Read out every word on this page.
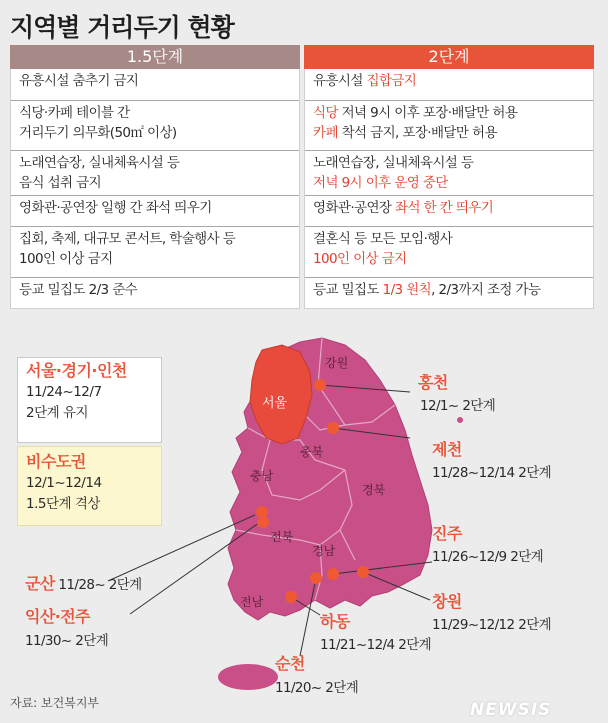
지역별 거리두기 현황
1.5단계
유흥시설 춤추기 금지
식당·카페 테이블 간
거리두기 의무화(50㎡ 이상)
노래연습장, 실내체육시설 등
음식 섭취 금지
영화관·공연장 일행 간 좌석 띄우기
집회, 축제, 대규모 콘서트, 학술행사 등
100인 이상 금지
등교 밀집도 2/3 준수
2단계
유흥시설 집합금지
식당 저녁 9시 이후 포장·배달만 허용
카페 착석 금지, 포장·배달만 허용
노래연습장, 실내체육시설 등
저녁 9시 이후 운영 중단
영화관·공연장 좌석 한 칸 띄우기
결혼식 등 모든 모임·행사
100인 이상 금지
등교 밀집도 1/3 원칙, 2/3까지 조정 가능
서울
강원
충북
충남
경북
전북
경남
전남
서울·경기·인천
11/24~12/7
2단계 유지
비수도권
12/1~12/14
1.5단계 격상
홍천
12/1~ 2단계
제천
11/28~12/14 2단계
진주
11/26~12/9 2단계
창원
11/29~12/12 2단계
하동
11/21~12/4 2단계
순천
11/20~ 2단계
군산 11/28~ 2단계
익산·전주
11/30~ 2단계
자료: 보건복지부	NEWSIS
